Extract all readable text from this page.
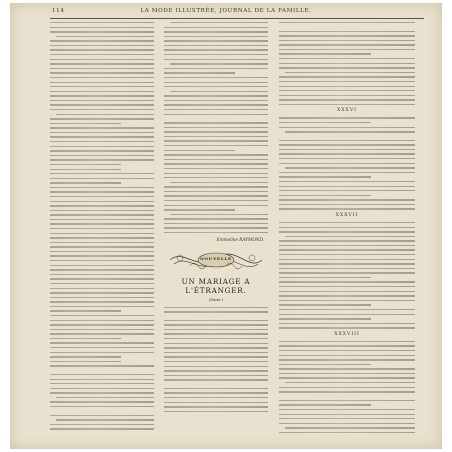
114	LA MODE ILLUSTRÉE, JOURNAL DE LA FAMILLE.
Emmeline RAYMOND.
NOUVELLE
UN MARIAGE A L'ÉTRANGER.
(Suite.)
XXXVI
XXXVII
XXXVIII
